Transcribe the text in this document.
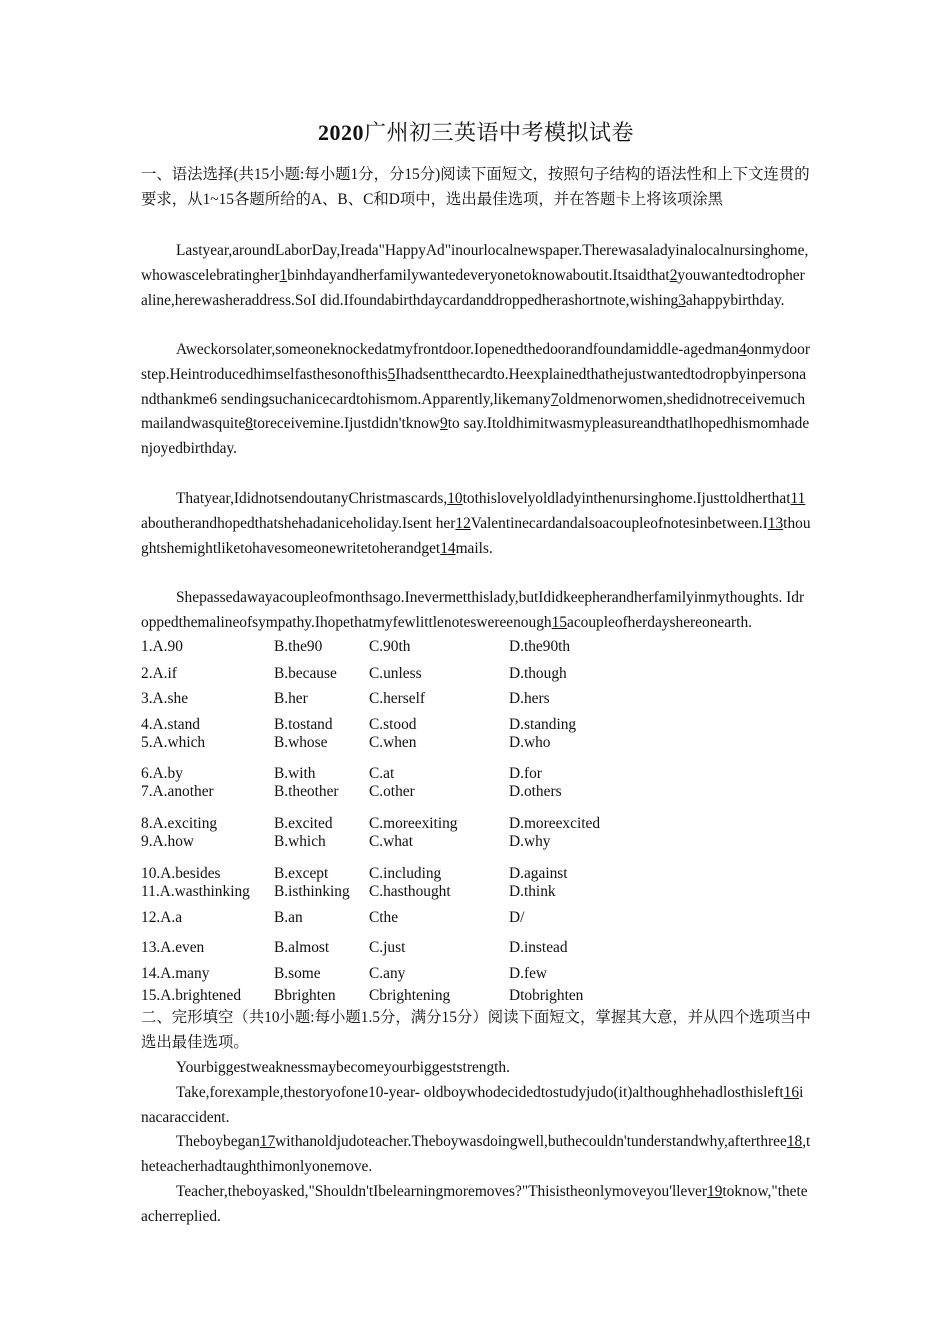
2020广州初三英语中考模拟试卷
一、语法选择(共15小题:每小题1分，分15分)阅读下面短文，按照句子结构的语法性和上下文连贯的要求，从1~15各题所给的A、B、C和D项中，选出最佳选项，并在答题卡上将该项涂黑
Lastyear,aroundLaborDay,Ireada"HappyAd"inourlocalnewspaper.Therewasaladyinalocalnursinghome,whowascelebratingher1binhdayandherfamilywantedeveryonetoknowaboutit.Itsaidthat2youwantedtodropheraline,herewasheraddress.SoI did.Ifoundabirthdaycardanddroppedherashortnote,wishing3ahappybirthday.
Aweckorsolater,someoneknockedatmyfrontdoor.Iopenedthedoorandfoundamiddle-agedman4onmydoorstep.Heintroducedhimselfasthesonofthis5Ihadsentthecardto.Heexplainedthathejustwantedtodropbyinpersonandthankme6 sendingsuchanicecardtohismom.Apparently,likemany7oldmenorwomen,shedidnotreceivemuchmailandwasquite8toreceivemine.Ijustdidn'tknow9to say.Itoldhimitwasmypleasureandthatlhopedhismomhadenjoyedbirthday.
Thatyear,IdidnotsendoutanyChristmascards,10tothislovelyoldladyinthenursinghome.Ijusttoldherthat11aboutherandhopedthatshehadaniceholiday.Isent her12Valentinecardandalsoacoupleofnotesinbetween.I13thoughtshemightliketohavesomeonewritetoherandget14mails.
Shepassedawayacoupleofmonthsago.Inevermetthislady,butIdidkeepherandherfamilyinmythoughts. Idroppedthemalineofsympathy.Ihopethatmyfewlittlenoteswereenough15acoupleofherdayshereonearth.
1.A.90	B.the90	C.90th	D.the90th
2.A.if	B.because C.unless	D.though
3.A.she	B.her	C.herself	D.hers
4.A.stand	B.tostand C.stood	D.standing
5.A.which	B.whose	C.when	D.who
6.A.by	B.with	C.at	D.for
7.A.another	B.theother C.other	D.others
8.A.exciting	B.excited C.moreexiting	D.moreexcited
9.A.how	B.which	C.what	D.why
10.A.besides	B.except	C.including	D.against
11.A.wasthinking B.isthinking C.hasthought	D.think
12.A.a	B.an	Cthe	D/
13.A.even	B.almost	C.just	D.instead
14.A.many	B.some	C.any	D.few
15.A.brightened Bbrighten Cbrightening	Dtobrighten
二、完形填空（共10小题:每小题1.5分，满分15分）阅读下面短文，掌握其大意，并从四个选项当中选出最佳选项。
Yourbiggestweaknessmaybecomeyourbiggeststrength.
Take,forexample,thestoryofone10-year- oldboywhodecidedtostudyjudo(it)althoughhehadlosthisleft16inacaraccident.
Theboybegan17withanoldjudoteacher.Theboywasdoingwell,buthecouldn'tunderstandwhy,afterthree18,theteacherhadtaughthimonlyonemove.
Teacher,theboyasked,"Shouldn'tIbelearningmoremoves?"Thisistheonlymoveyou'llever19toknow,"theteacherreplied.
